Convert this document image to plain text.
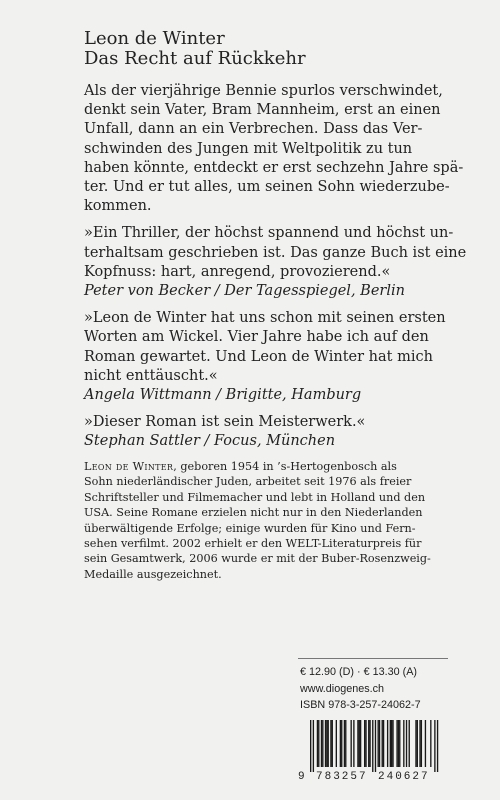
Leon de Winter
Das Recht auf Rückkehr
Als der vierjährige Bennie spurlos verschwindet,
denkt sein Vater, Bram Mannheim, erst an einen
Unfall, dann an ein Verbrechen. Dass das Ver-
schwinden des Jungen mit Weltpolitik zu tun
haben könnte, entdeckt er erst sechzehn Jahre spä-
ter. Und er tut alles, um seinen Sohn wiederzube-
kommen.
»Ein Thriller, der höchst spannend und höchst un-
terhaltsam geschrieben ist. Das ganze Buch ist eine
Kopfnuss: hart, anregend, provozierend.«
Peter von Becker / Der Tagesspiegel, Berlin
»Leon de Winter hat uns schon mit seinen ersten
Worten am Wickel. Vier Jahre habe ich auf den
Roman gewartet. Und Leon de Winter hat mich
nicht enttäuscht.«
Angela Wittmann / Brigitte, Hamburg
»Dieser Roman ist sein Meisterwerk.«
Stephan Sattler / Focus, München
Leon de Winter, geboren 1954 in ’s-Hertogenbosch als
Sohn niederländischer Juden, arbeitet seit 1976 als freier
Schriftsteller und Filmemacher und lebt in Holland und den
USA. Seine Romane erzielen nicht nur in den Niederlanden
überwältigende Erfolge; einige wurden für Kino und Fern-
sehen verfilmt. 2002 erhielt er den WELT-Literaturpreis für
sein Gesamtwerk, 2006 wurde er mit der Buber-Rosenzweig-
Medaille ausgezeichnet.
€ 12.90 (D) · € 13.30 (A)
www.diogenes.ch
ISBN 978-3-257-24062-7
9 783257 240627
